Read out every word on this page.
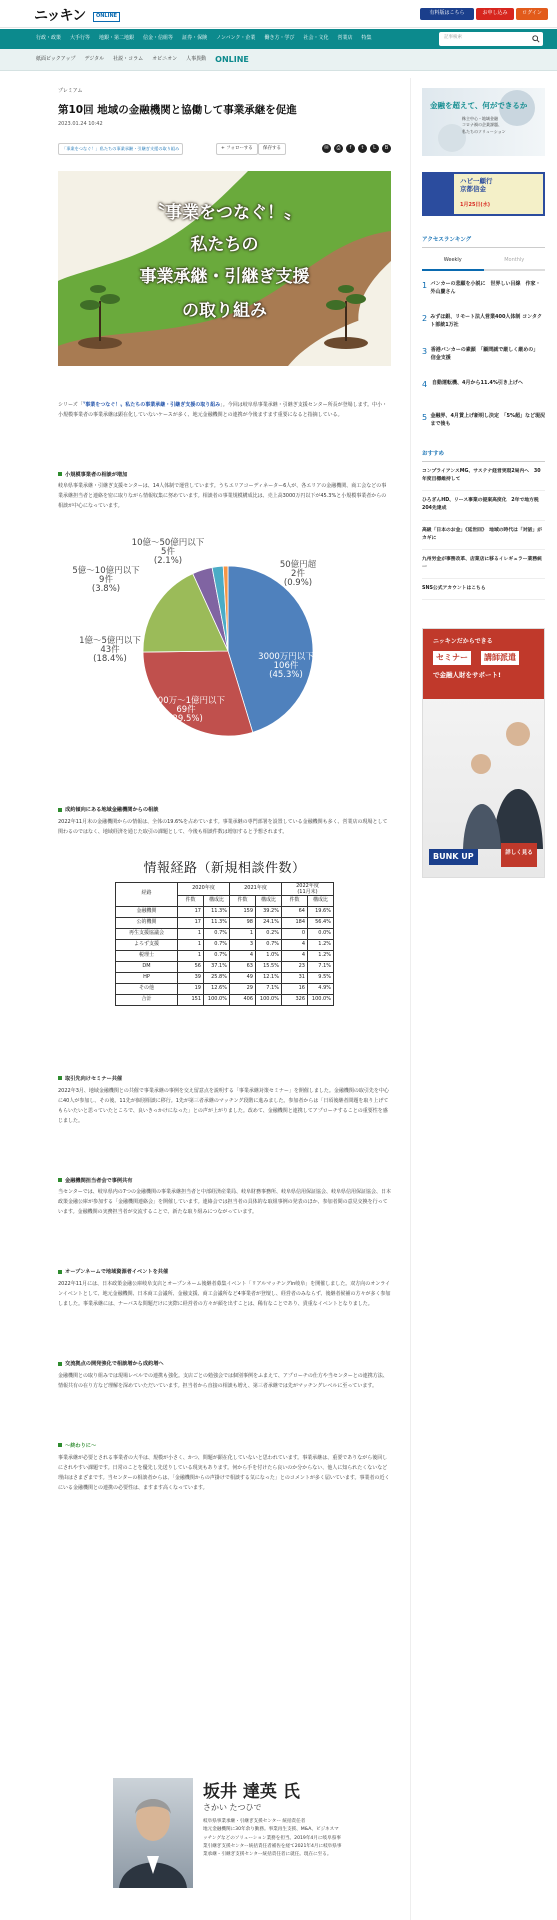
ニッキン	ONLINE	有料版はこちら	お申し込み	ログイン
行政・政策 大手行等 地銀・第二地銀 信金・信組等 証券・保険 ノンバンク・企業 働き方・学び 社会・文化 営業店 特集	記事検索
紙面ピックアップ デジタル 社説・コラム オピニオン 人事異動 ONLINE
プレミアム
第10回 地域の金融機関と協働して事業承継を促進
2023.01.24 10:42
「事業をつなぐ！」私たちの事業承継・引継ぎ支援の取り組み	+ フォローする	保存する	✉	⎙	f	t	L	B
〝事業をつなぐ！〟
私たちの
事業承継・引継ぎ支援
の取り組み

シリーズ「〝事業をつなぐ！〟私たちの事業承継・引継ぎ支援の取り組み」。今回は岐阜県事業承継・引継ぎ支援センター所長が登場します。中小・小規模事業者の事業承継は顕在化していないケースが多く、地元金融機関との連携が今後ますます重要になると指摘している。

小規模事業者の相談が増加

岐阜県事業承継・引継ぎ支援センターは、14人体制で運営しています。うちエリアコーディネーター6人が、各エリアの金融機関、商工会などの事業承継担当者と連絡を密に取りながら情報収集に努めています。相談者の事業規模構成比は、売上高3000万円以下が45.3%と小規模事業者からの相談が中心になっています。

3000万円以下
106件
(45.3%)
3000万～1億円以下
69件
(29.5%)
1億～5億円以下
43件
(18.4%)
5億～10億円以下
9件
(3.8%)
10億～50億円以下
5件
(2.1%)	50億円超
2件
(0.9%)
成約傾向にある地域金融機関からの相談

2022年11月末の金融機関からの情報は、全体の19.6%を占めています。事業承継の専門部署を設置している金融機関も多く、営業店の現場として関わるのではなく、地域経済を通じた取引の課題として、今後も相談件数は増加すると予想されます。

情報経路（新規相談件数）
経路	2020年度		2021年度		2022年度
(11月末)	
	件数	構成比	件数	構成比	件数	構成比
金融機関	17	11.3%	159	39.2%	64	19.6%
公的機関	17	11.3%	98	24.1%	184	56.4%
再生支援協議会	1	0.7%	1	0.2%	0	0.0%
よろず支援	1	0.7%	3	0.7%	4	1.2%
税理士	1	0.7%	4	1.0%	4	1.2%
DM	56	37.1%	63	15.5%	23	7.1%
HP	39	25.8%	49	12.1%	31	9.5%
その他	19	12.6%	29	7.1%	16	4.9%
合計	151	100.0%	406	100.0%	326	100.0%
取引先向けセミナー共催

2022年3月、地域金融機関との共催で事業承継の事例を交え留意点を説明する「事業承継対策セミナー」を開催しました。金融機関の取引先を中心に40人が参加し、その後、11先が個別相談に移行。1先が第三者承継のマッチング段階に進みました。参加者からは「日頃後継者問題を取り上げてもらいたいと思っていたところで、良いきっかけになった」との声が上がりました。改めて、金融機関と連携してアプローチすることの重要性を感じました。

金融機関担当者会で事例共有

当センターでは、岐阜県内の7つの金融機関の事業承継担当者と中部経済産業局、岐阜財務事務所、岐阜県信用保証協会、岐阜県信用保証協会、日本政策金融公庫が参加する「金融機関連絡会」を開催しています。連絡会では担当者の具体的な取組事例の発表のほか、参加者間の意見交換を行っています。金融機関の実務担当者が交流することで、新たな取り組みにつながっています。

オープンネームで地域資源者イベントを共催

2022年11月には、日本政策金融公庫岐阜支店とオープンネーム後継者募集イベント「リアルマッチングin岐阜」を開催しました。双方向のオンラインイベントとして、地元金融機関、日本商工会議所、金融支援、商工会議所など4事業者が登壇し、経営者のみならず、後継者候補の方々が多く参加しました。事業承継には、ナーバスな問題だけに実際に経営者の方々が顔を出すことは、稀有なことであり、貴重なイベントとなりました。

交流拠点の開発強化で相談増から成約増へ

金融機関との取り組みでは現場レベルでの連携も強化。支店ごとの勉強会では個別事例をふまえて、アプローチの仕方や当センターとの連携方法、情報共有の在り方など理解を深めていただいています。担当者から直接の相談も増え、第三者承継では先がマッチングレベルに至っています。

～終わりに～

事業承継が必要とされる事業者の大半は、規模が小さく、かつ、問題が顕在化していないと思われています。事業承継は、重要でありながら後回しにされやすい課題です。日常のことを優先し先送りしている現実もあります。何から手を付けたら良いのか分からない、他人に知られたくないなど理由はさまざまです。当センターの相談者からは、「金融機関からの声掛けで相談する気になった」とのコメントが多く届いています。事業者の近くにいる金融機関との連携の必要性は、ますます高くなっています。

坂井 達英 氏
さかい たつひで
岐阜県事業承継・引継ぎ支援センター 統括責任者
地元金融機関に30年余り勤務。事業再生支援、M&A、ビジネスマッチングなどのソリューション業務を担当。2019年4月に岐阜県事業引継ぎ支援センター統括責任者補佐を経て2021年4月に岐阜県事業承継・引継ぎ支援センター統括責任者に就任。現在に至る。
金融を超えて、何ができるか
株主中心・地域金融
コロナ禍の企業課題、
私たちのソリューション
ハピ一顧行
京都信金
1月25日(水)
アクセスランキング
Weekly	Monthly
1 バンカーの悲願を小説に　世界しい目線　作家・外山慶さん
2 みずほ銀、リモート法人営業400人体制 コンタクト部統1万社
3 香港バンカーの素顔　「顧問誠で厳しく厳めの」　信金支援
4 自動運転機、4月から11.4%引き上げへ
5 金融界、4月賃上げ新明し決定　「5%超」など現況まで後も
おすすめ
コンプライアンスMG、サステナ経営実現2局内へ　30年度目標維持して
ひろぎんHD、リース事業の提案高度化　2年で地方税204先達成
高級「日本のお金」《延世回》　地域の時代は「対話」がカギに
九州労金が事務改革、店業店に移るイレギュラー業務統一
SNS公式アカウントはこちら
ニッキンだからできる
セミナー	講師派遣
で金融人財をサポート!
BUNK UP	詳しく見る
